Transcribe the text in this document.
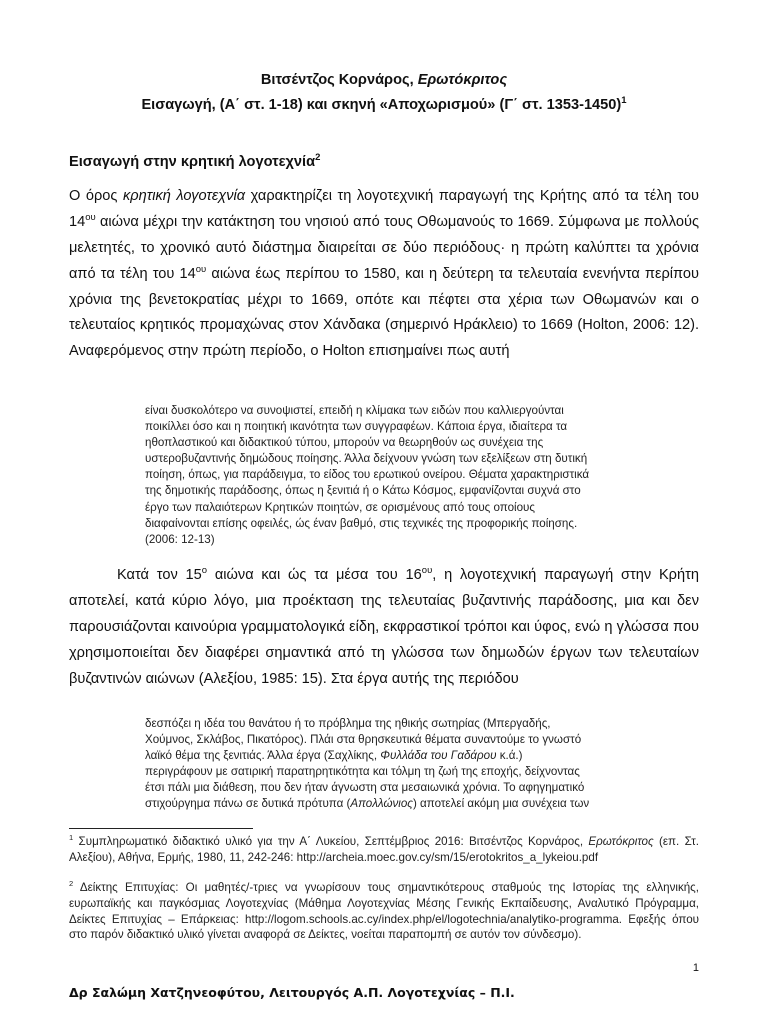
Βιτσέντζος Κορνάρος, Ερωτόκριτος
Εισαγωγή, (Α΄ στ. 1-18) και σκηνή «Αποχωρισμού» (Γ΄ στ. 1353-1450)$^1$
Εισαγωγή στην κρητική λογοτεχνία$^2$

Ο όρος κρητική λογοτεχνία χαρακτηρίζει τη λογοτεχνική παραγωγή της Κρήτης από τα τέλη του $14^{o\upsilon}$ αιώνα μέχρι την κατάκτηση του νησιού από τους Οθωμανούς το 1669. Σύμφωνα με πολλούς μελετητές, το χρονικό αυτό διάστημα διαιρείται σε δύο περιόδους· η πρώτη καλύπτει τα χρόνια από τα τέλη του $14^{o\upsilon}$ αιώνα έως περίπου το 1580, και η δεύτερη τα τελευταία ενενήντα περίπου χρόνια της βενετοκρατίας μέχρι το 1669, οπότε και πέφτει στα χέρια των Οθωμανών και ο τελευταίος κρητικός προμαχώνας στον Χάνδακα (σημερινό Ηράκλειο) το 1669 (Holton, 2006: 12). Αναφερόμενος στην πρώτη περίοδο, ο Holton επισημαίνει πως αυτή
είναι δυσκολότερο να συνοψιστεί, επειδή η κλίμακα των ειδών που καλλιεργούνται
ποικίλλει όσο και η ποιητική ικανότητα των συγγραφέων. Κάποια έργα, ιδιαίτερα τα
ηθοπλαστικού και διδακτικού τύπου, μπορούν να θεωρηθούν ως συνέχεια της
υστεροβυζαντινής δημώδους ποίησης. Άλλα δείχνουν γνώση των εξελίξεων στη δυτική
ποίηση, όπως, για παράδειγμα, το είδος του ερωτικού ονείρου. Θέματα χαρακτηριστικά
της δημοτικής παράδοσης, όπως η ξενιτιά ή ο Κάτω Κόσμος, εμφανίζονται συχνά στο
έργο των παλαιότερων Κρητικών ποιητών, σε ορισμένους από τους οποίους
διαφαίνονται επίσης οφειλές, ώς έναν βαθμό, στις τεχνικές της προφορικής ποίησης.
(2006: 12-13)
Κατά τον $15^o$ αιώνα και ώς τα μέσα του $16^{o\upsilon}$, η λογοτεχνική παραγωγή στην Κρήτη αποτελεί, κατά κύριο λόγο, μια προέκταση της τελευταίας βυζαντινής παράδοσης, μια και δεν παρουσιάζονται καινούρια γραμματολογικά είδη, εκφραστικοί τρόποι και ύφος, ενώ η γλώσσα που χρησιμοποιείται δεν διαφέρει σημαντικά από τη γλώσσα των δημωδών έργων των τελευταίων βυζαντινών αιώνων (Αλεξίου, 1985: 15). Στα έργα αυτής της περιόδου
δεσπόζει η ιδέα του θανάτου ή το πρόβλημα της ηθικής σωτηρίας (Μπεργαδής,
Χούμνος, Σκλάβος, Πικατόρος). Πλάι στα θρησκευτικά θέματα συναντούμε το γνωστό
λαϊκό θέμα της ξενιτιάς. Άλλα έργα (Σαχλίκης, Φυλλάδα του Γαδάρου κ.ά.)
περιγράφουν με σατιρική παρατηρητικότητα και τόλμη τη ζωή της εποχής, δείχνοντας
έτσι πάλι μια διάθεση, που δεν ήταν άγνωστη στα μεσαιωνικά χρόνια. Το αφηγηματικό
στιχούργημα πάνω σε δυτικά πρότυπα (Απολλώνιος) αποτελεί ακόμη μια συνέχεια των
$^1$ Συμπληρωματικό διδακτικό υλικό για την Α΄ Λυκείου, Σεπτέμβριος 2016: Βιτσέντζος Κορνάρος, Ερωτόκριτος (επ. Στ. Αλεξίου), Αθήνα, Ερμής, 1980, 11, 242-246: http://archeia.moec.gov.cy/sm/15/erotokritos_a_lykeiou.pdf
$^2$ Δείκτης Επιτυχίας: Οι μαθητές/-τριες να γνωρίσουν τους σημαντικότερους σταθμούς της Ιστορίας της ελληνικής, ευρωπαϊκής και παγκόσμιας Λογοτεχνίας (Μάθημα Λογοτεχνίας Μέσης Γενικής Εκπαίδευσης, Αναλυτικό Πρόγραμμα, Δείκτες Επιτυχίας – Επάρκειας: http://logom.schools.ac.cy/index.php/el/logotechnia/analytiko-programma. Εφεξής όπου στο παρόν διδακτικό υλικό γίνεται αναφορά σε Δείκτες, νοείται παραπομπή σε αυτόν τον σύνδεσμο).
1
Δρ Σαλώμη Χατζηνεοφύτου, Λειτουργός Α.Π. Λογοτεχνίας – Π.Ι.
